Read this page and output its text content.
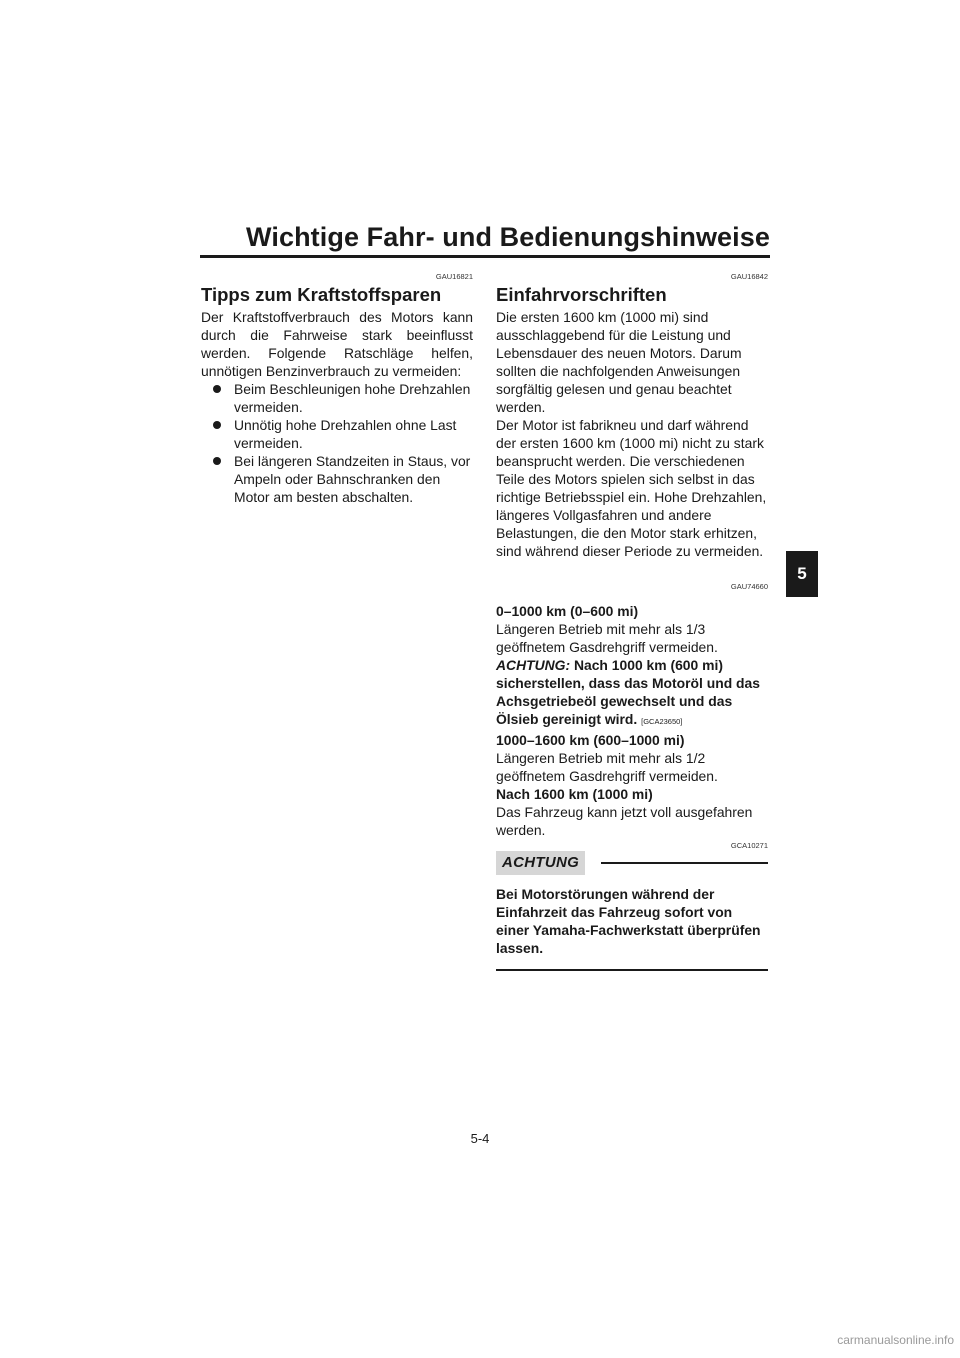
Wichtige Fahr- und Bedienungshinweise
5

GAU16821

Tipps zum Kraftstoffsparen

Der Kraftstoffverbrauch des Motors kann durch die Fahrweise stark beeinflusst werden. Folgende Ratschläge helfen, unnötigen Benzinverbrauch zu vermeiden:

Beim Beschleunigen hohe Drehzahlen vermeiden.
Unnötig hohe Drehzahlen ohne Last vermeiden.
Bei längeren Standzeiten in Staus, vor Ampeln oder Bahnschranken den Motor am besten abschalten.

GAU16842

Einfahrvorschriften

Die ersten 1600 km (1000 mi) sind ausschlaggebend für die Leistung und Lebensdauer des neuen Motors. Darum sollten die nachfolgenden Anweisungen sorgfältig gelesen und genau beachtet werden.

Der Motor ist fabrikneu und darf während der ersten 1600 km (1000 mi) nicht zu stark beansprucht werden. Die verschiedenen Teile des Motors spielen sich selbst in das richtige Betriebsspiel ein. Hohe Drehzahlen, längeres Vollgasfahren und andere Belastungen, die den Motor stark erhitzen, sind während dieser Periode zu vermeiden.

GAU74660

0–1000 km (0–600 mi)

Längeren Betrieb mit mehr als 1/3 geöffnetem Gasdrehgriff vermeiden. ACHTUNG: Nach 1000 km (600 mi) sicherstellen, dass das Motoröl und das Achsgetriebeöl gewechselt und das Ölsieb gereinigt wird. [GCA23650]

1000–1600 km (600–1000 mi)

Längeren Betrieb mit mehr als 1/2 geöffnetem Gasdrehgriff vermeiden.

Nach 1600 km (1000 mi)

Das Fahrzeug kann jetzt voll ausgefahren werden.

GCA10271

ACHTUNG

Bei Motorstörungen während der Einfahrzeit das Fahrzeug sofort von einer Yamaha-Fachwerkstatt überprüfen lassen.

5-4

carmanualsonline.info
